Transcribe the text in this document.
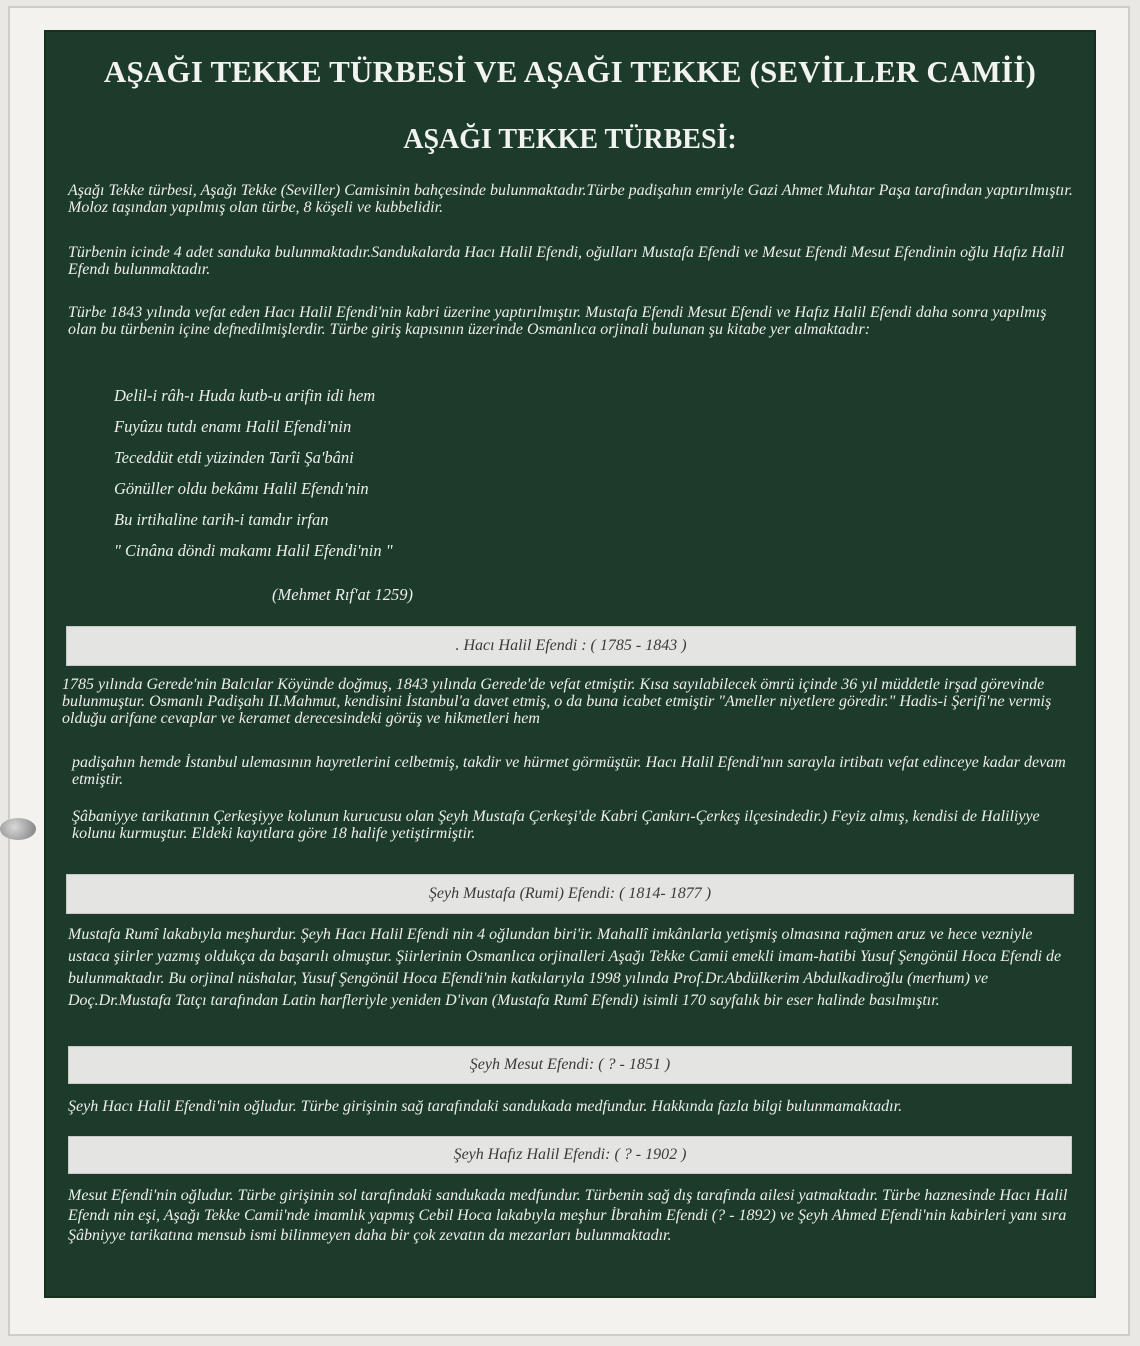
AŞAĞI TEKKE TÜRBESİ VE AŞAĞI TEKKE (SEVİLLER CAMİİ)
AŞAĞI TEKKE TÜRBESİ:

Aşağı Tekke türbesi, Aşağı Tekke (Seviller) Camisinin bahçesinde bulunmaktadır.Türbe padişahın emriyle Gazi Ahmet Muhtar Paşa tarafından yaptırılmıştır. Moloz taşından yapılmış olan türbe, 8 köşeli ve kubbelidir.

Türbenin icinde 4 adet sanduka bulunmaktadır.Sandukalarda Hacı Halil Efendi, oğulları Mustafa Efendi ve Mesut Efendi Mesut Efendinin oğlu Hafız Halil Efendı bulunmaktadır.

Türbe 1843 yılında vefat eden Hacı Halil Efendi'nin kabri üzerine yaptırılmıştır. Mustafa Efendi Mesut Efendi ve Hafız Halil Efendi daha sonra yapılmış olan bu türbenin içine defnedilmişlerdir. Türbe giriş kapısının üzerinde Osmanlıca orjinali bulunan şu kitabe yer almaktadır:

Delil-i râh-ı Huda kutb-u arifin idi hem
Fuyûzu tutdı enamı Halil Efendi'nin
Teceddüt etdi yüzinden Tarîi Şa'bâni
Gönüller oldu bekâmı Halil Efendı'nin
Bu irtihaline tarih-i tamdır irfan
" Cinâna döndi makamı Halil Efendi'nin "
(Mehmet Rıf'at 1259)
. Hacı Halil Efendi : ( 1785 - 1843 )

1785 yılında Gerede'nin Balcılar Köyünde doğmuş, 1843 yılında Gerede'de vefat etmiştir. Kısa sayılabilecek ömrü içinde 36 yıl müddetle irşad görevinde bulunmuştur. Osmanlı Padişahı II.Mahmut, kendisini İstanbul'a davet etmiş, o da buna icabet etmiştir "Ameller niyetlere göredir." Hadis-i Şerifi'ne vermiş olduğu arifane cevaplar ve keramet derecesindeki görüş ve hikmetleri hem

padişahın hemde İstanbul ulemasının hayretlerini celbetmiş, takdir ve hürmet görmüştür. Hacı Halil Efendi'nın sarayla irtibatı vefat edinceye kadar devam etmiştir.

Şâbaniyye tarikatının Çerkeşiyye kolunun kurucusu olan Şeyh Mustafa Çerkeşi'de Kabri Çankırı-Çerkeş ilçesindedir.) Feyiz almış, kendisi de Haliliyye kolunu kurmuştur. Eldeki kayıtlara göre 18 halife yetiştirmiştir.

Şeyh Mustafa (Rumi) Efendi: ( 1814- 1877 )

Mustafa Rumî lakabıyla meşhurdur. Şeyh Hacı Halil Efendi nin 4 oğlundan biri'ir. Mahallî imkânlarla yetişmiş olmasına rağmen aruz ve hece vezniyle ustaca şiirler yazmış oldukça da başarılı olmuştur. Şiirlerinin Osmanlıca orjinalleri Aşağı Tekke Camii emekli imam-hatibi Yusuf Şengönül Hoca Efendi de bulunmaktadır. Bu orjinal nüshalar, Yusuf Şengönül Hoca Efendi'nin katkılarıyla 1998 yılında Prof.Dr.Abdülkerim Abdulkadiroğlu (merhum) ve Doç.Dr.Mustafa Tatçı tarafından Latin harfleriyle yeniden D'ivan (Mustafa Rumî Efendi) isimli 170 sayfalık bir eser halinde basılmıştır.

Şeyh Mesut Efendi: ( ? - 1851 )

Şeyh Hacı Halil Efendi'nin oğludur. Türbe girişinin sağ tarafındaki sandukada medfundur. Hakkında fazla bilgi bulunmamaktadır.

Şeyh Hafız Halil Efendi: ( ? - 1902 )

Mesut Efendi'nin oğludur. Türbe girişinin sol tarafındaki sandukada medfundur. Türbenin sağ dış tarafında ailesi yatmaktadır. Türbe haznesinde Hacı Halil Efendı nin eşi, Aşağı Tekke Camii'nde imamlık yapmış Cebil Hoca lakabıyla meşhur İbrahim Efendi (? - 1892) ve Şeyh Ahmed Efendi'nin kabirleri yanı sıra Şâbniyye tarikatına mensub ismi bilinmeyen daha bir çok zevatın da mezarları bulunmaktadır.
